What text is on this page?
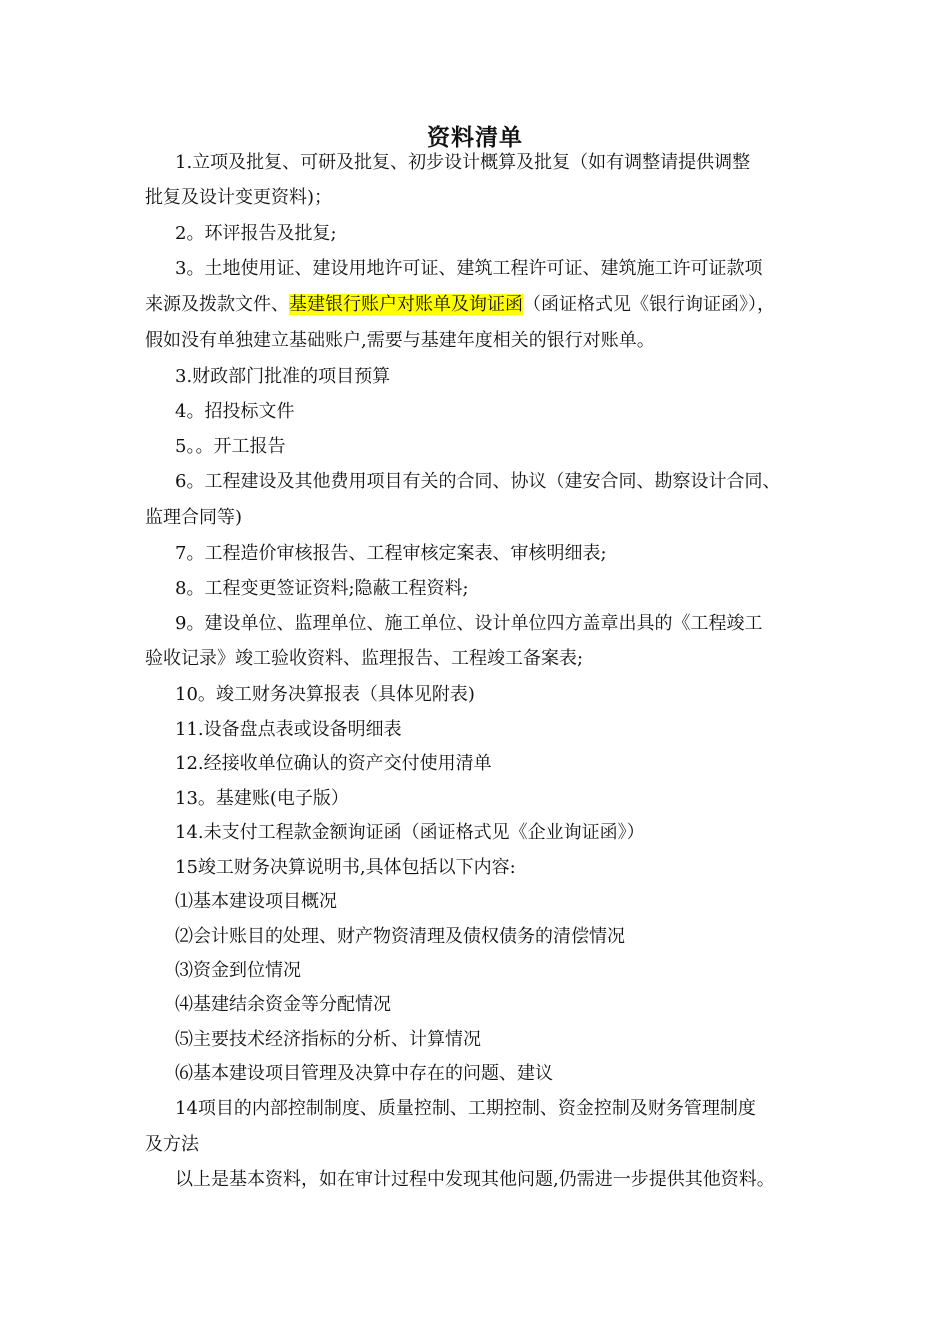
资料清单
1.立项及批复、可研及批复、初步设计概算及批复（如有调整请提供调整
批复及设计变更资料)；
2。环评报告及批复;
3。土地使用证、建设用地许可证、建筑工程许可证、建筑施工许可证款项
来源及拨款文件、基建银行账户对账单及询证函（函证格式见《银行询证函》），
假如没有单独建立基础账户,需要与基建年度相关的银行对账单。
3.财政部门批准的项目预算
4。招投标文件
5。。开工报告
6。工程建设及其他费用项目有关的合同、协议（建安合同、勘察设计合同、
监理合同等)
7。工程造价审核报告、工程审核定案表、审核明细表;
8。工程变更签证资料;隐蔽工程资料;
9。建设单位、监理单位、施工单位、设计单位四方盖章出具的《工程竣工
验收记录》竣工验收资料、监理报告、工程竣工备案表;
10。竣工财务决算报表（具体见附表)
11.设备盘点表或设备明细表
12.经接收单位确认的资产交付使用清单
13。基建账(电子版）
14.未支付工程款金额询证函（函证格式见《企业询证函》）
15竣工财务决算说明书,具体包括以下内容:
⑴基本建设项目概况
⑵会计账目的处理、财产物资清理及债权债务的清偿情况
⑶资金到位情况
⑷基建结余资金等分配情况
⑸主要技术经济指标的分析、计算情况
⑹基本建设项目管理及决算中存在的问题、建议
14项目的内部控制制度、质量控制、工期控制、资金控制及财务管理制度
及方法
以上是基本资料，如在审计过程中发现其他问题,仍需进一步提供其他资料。
